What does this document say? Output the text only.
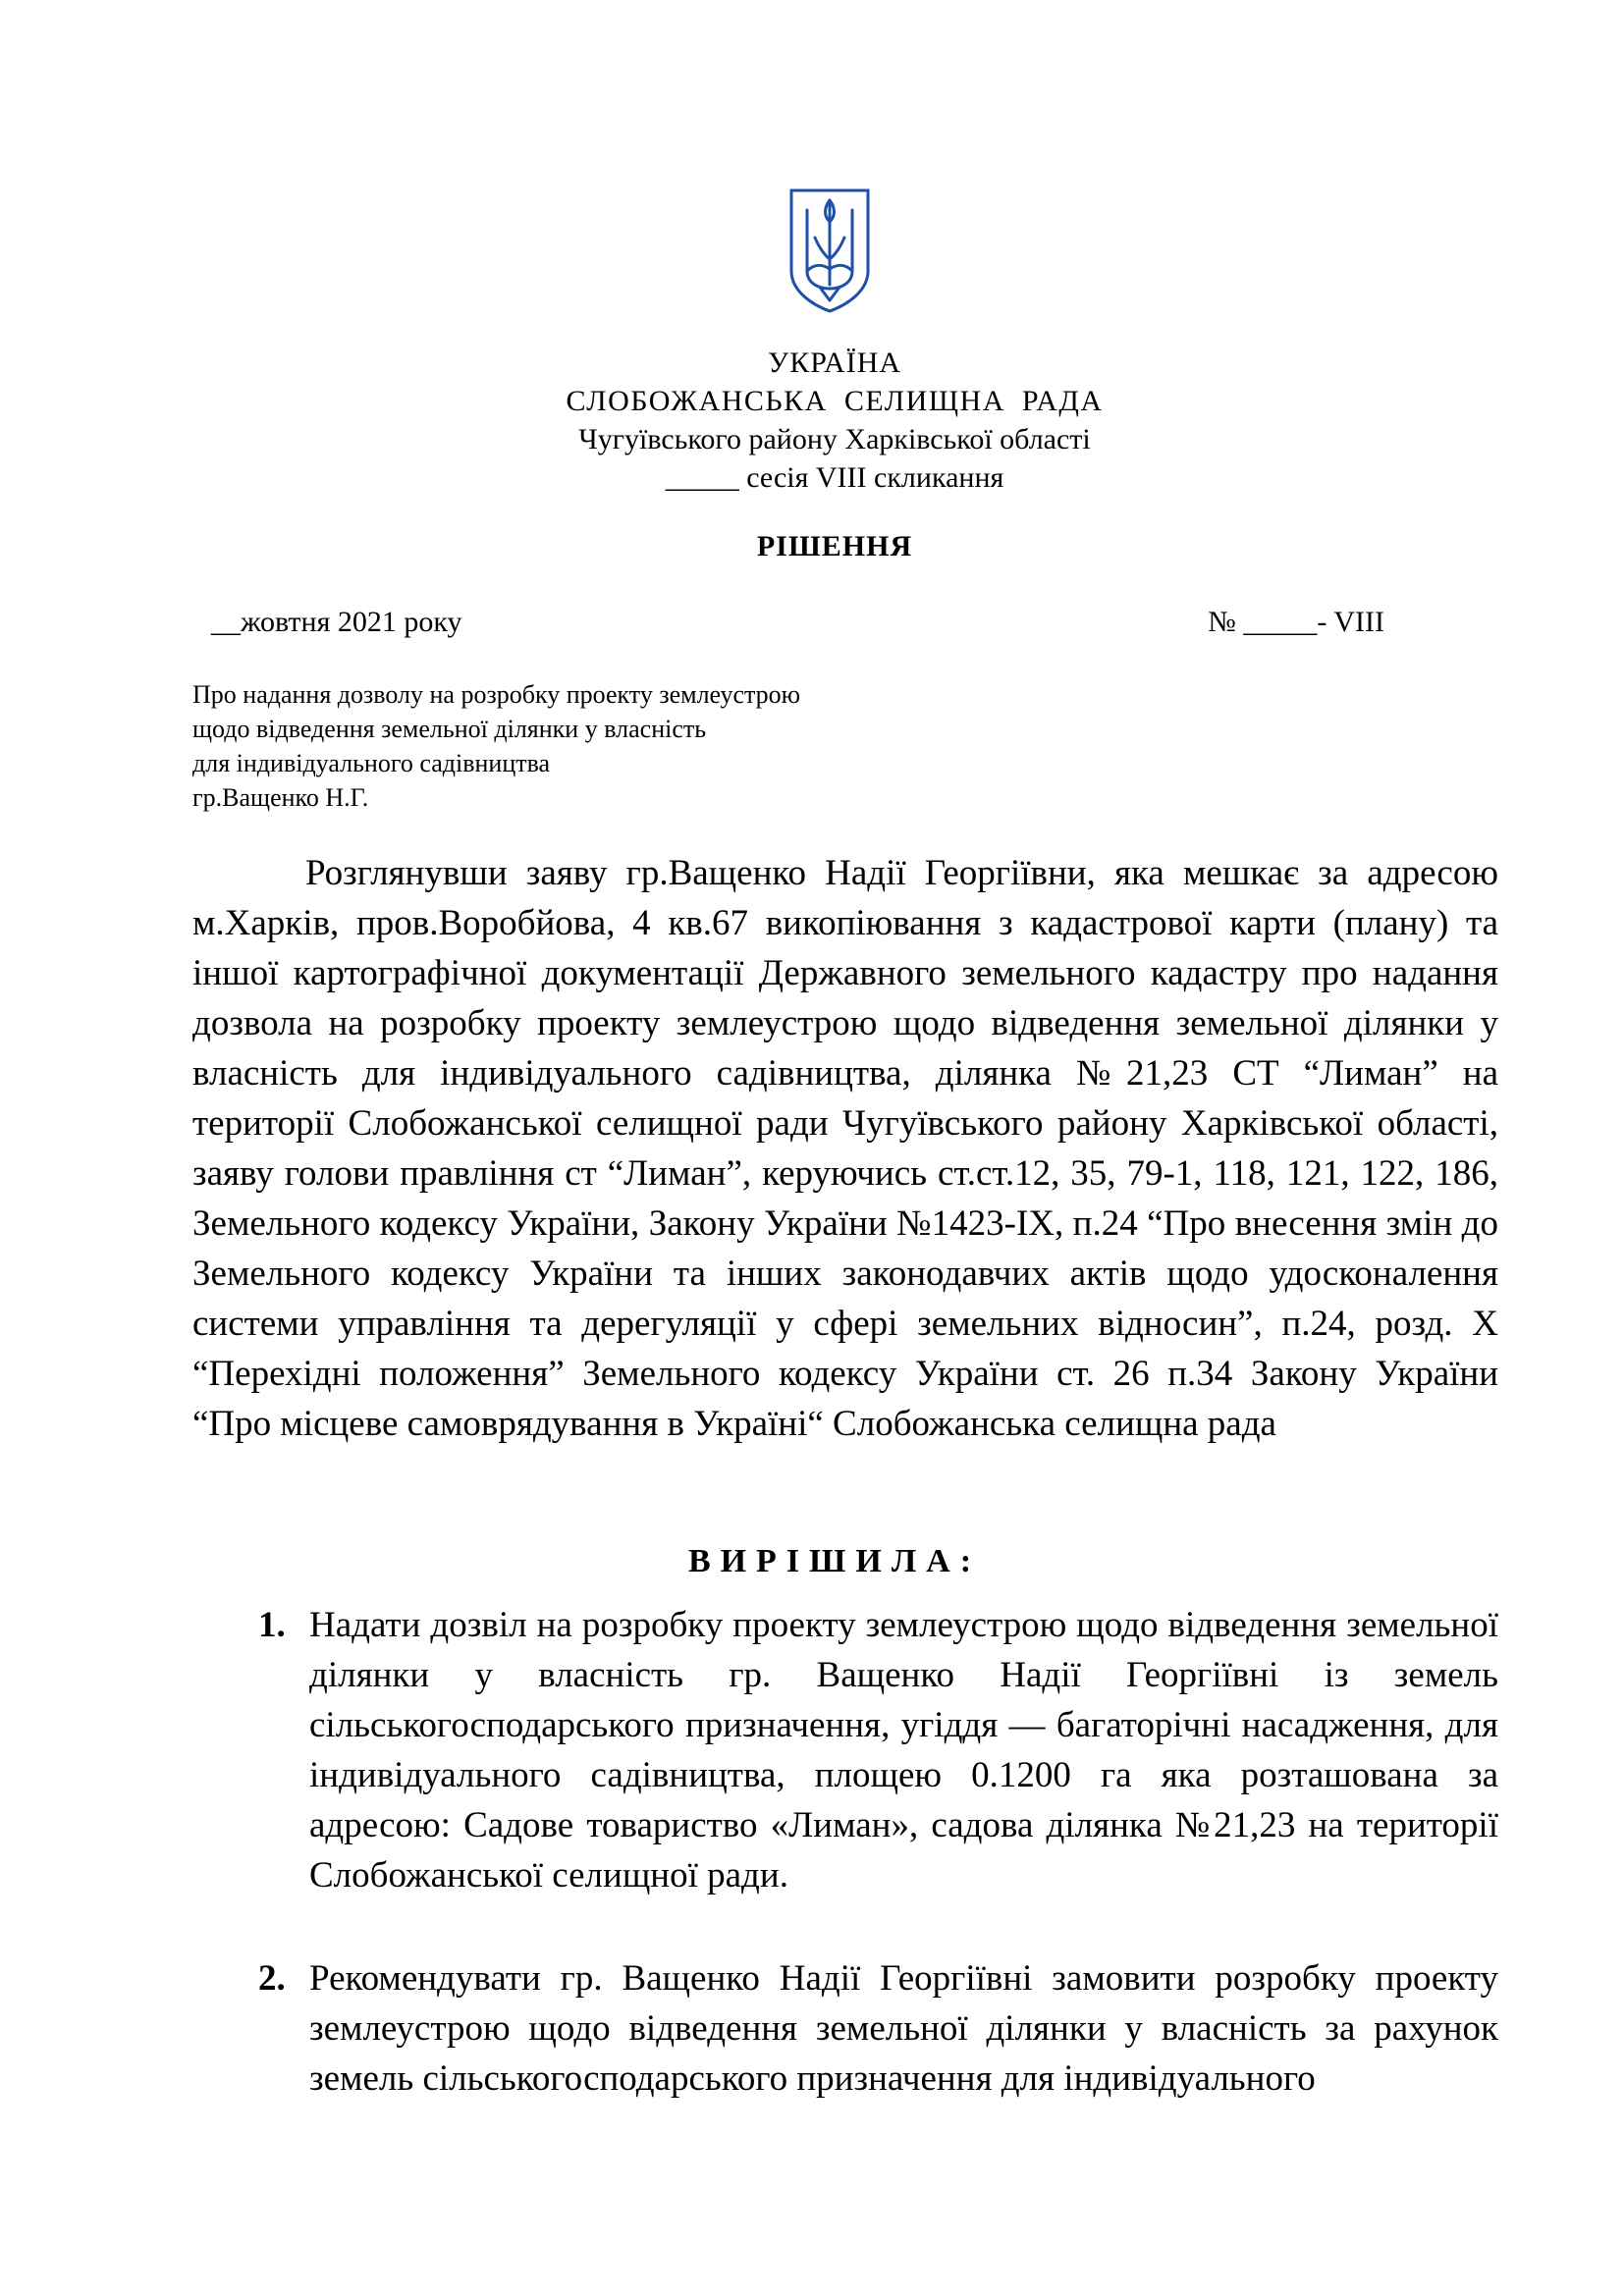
УКРАЇНА
СЛОБОЖАНСЬКА СЕЛИЩНА РАДА
Чугуївського району Харківської області
_____ сесія VIII скликання
РІШЕННЯ
__жовтня 2021 року	№ _____- VIII
Про надання дозволу на розробку проекту землеустрою
щодо відведення земельної ділянки у власність
для індивідуального садівництва
гр.Ващенко Н.Г.
Розглянувши заяву гр.Ващенко Надії Георгіївни, яка мешкає за адресою м.Харків, пров.Воробйова, 4 кв.67 викопіювання з кадастрової карти (плану) та іншої картографічної документації Державного земельного кадастру про надання дозвола на розробку проекту землеустрою щодо відведення земельної ділянки у власність для індивідуального садівництва, ділянка №21,23 СТ “Лиман” на території Слобожанської селищної ради Чугуївського району Харківської області, заяву голови правління ст “Лиман”, керуючись ст.ст.12, 35, 79-1, 118, 121, 122, 186, Земельного кодексу України, Закону України №1423-IX, п.24 “Про внесення змін до Земельного кодексу України та інших законодавчих актів щодо удосконалення системи управління та дерегуляції у сфері земельних відносин”, п.24, розд. X “Перехідні положення” Земельного кодексу України ст. 26 п.34 Закону України “Про місцеве самоврядування в Україні“ Слобожанська селищна рада
ВИРІШИЛА:
1. Надати дозвіл на розробку проекту землеустрою щодо відведення земельної ділянки у власність гр. Ващенко Надії Георгіївні із земель сільськогосподарського призначення, угіддя — багаторічні насадження, для індивідуального садівництва, площею 0.1200 га яка розташована за адресою: Садове товариство «Лиман», садова ділянка №21,23 на території Слобожанської селищної ради.
2. Рекомендувати гр. Ващенко Надії Георгіївні замовити розробку проекту землеустрою щодо відведення земельної ділянки у власність за рахунок земель сільськогосподарського призначення для індивідуального
